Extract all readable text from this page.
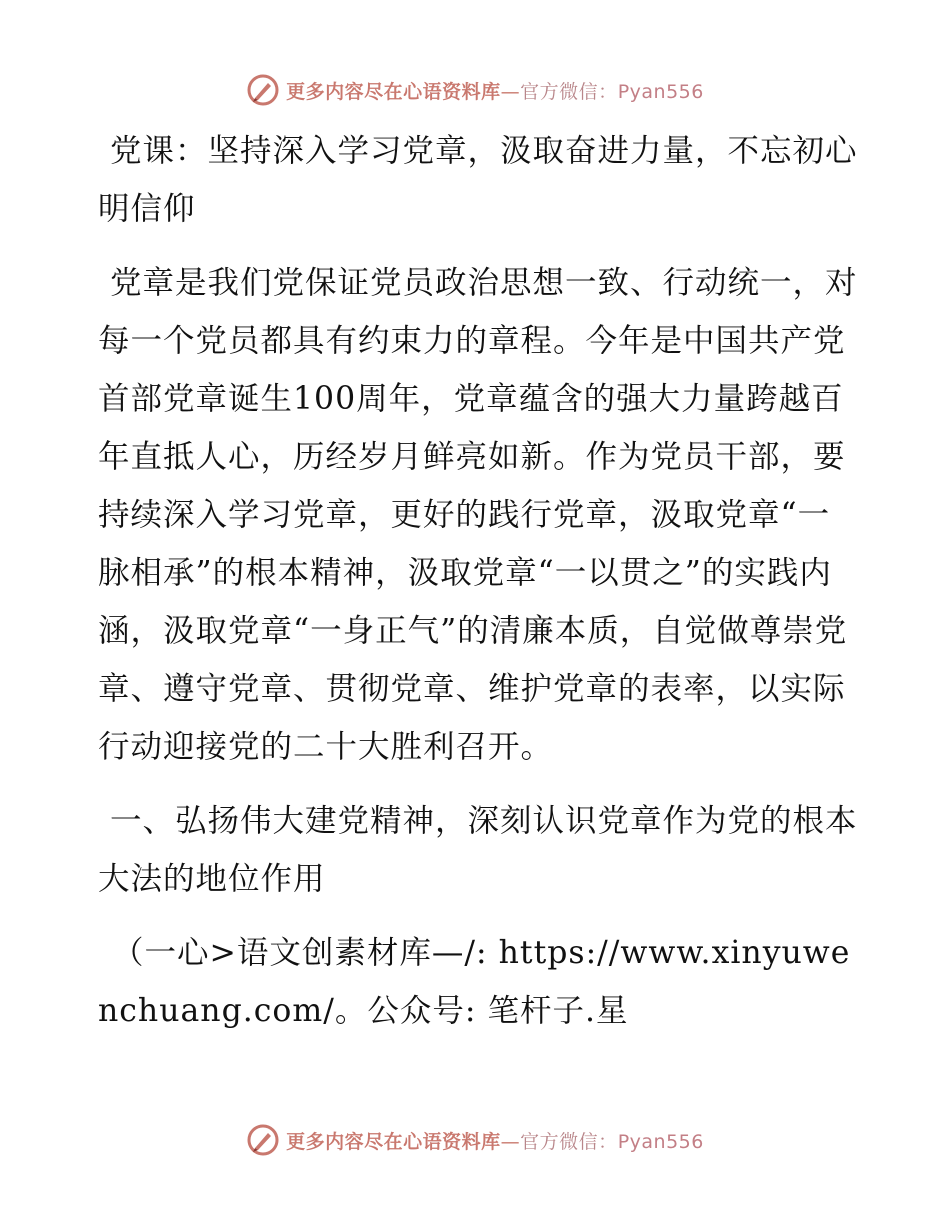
更多内容尽在心语资料库—官方微信：Pyan556

党课：坚持深入学习党章，汲取奋进力量，不忘初心明信仰

党章是我们党保证党员政治思想一致、行动统一，对每一个党员都具有约束力的章程。今年是中国共产党首部党章诞生100周年，党章蕴含的强大力量跨越百年直抵人心，历经岁月鲜亮如新。作为党员干部，要持续深入学习党章，更好的践行党章，汲取党章“一脉相承”的根本精神，汲取党章“一以贯之”的实践内涵，汲取党章“一身正气”的清廉本质，自觉做尊崇党章、遵守党章、贯彻党章、维护党章的表率，以实际行动迎接党的二十大胜利召开。

一、弘扬伟大建党精神，深刻认识党章作为党的根本大法的地位作用

（一心>语文创素材库—/: https://www.xinyuwenchuang.com/。公众号: 笔杆子.星

更多内容尽在心语资料库—官方微信：Pyan556
